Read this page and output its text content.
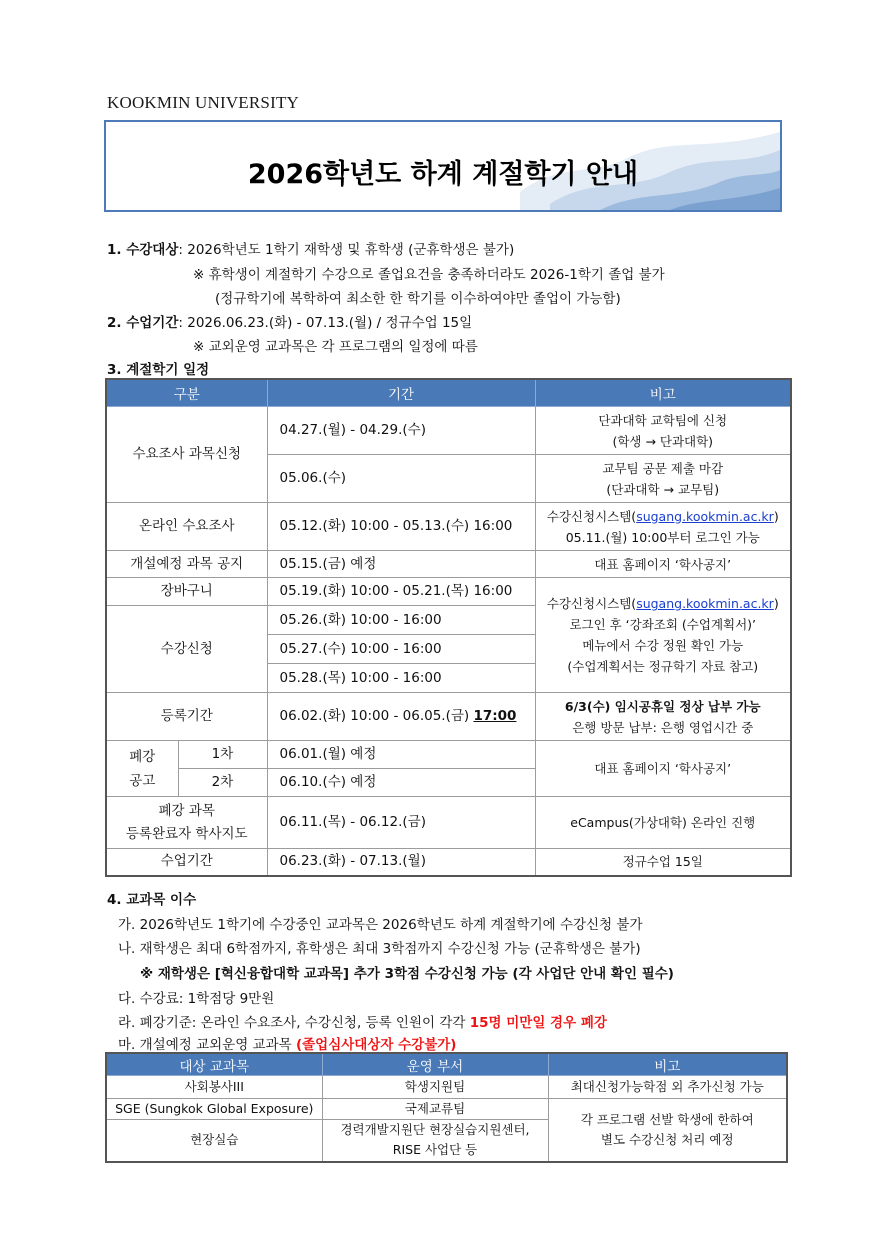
KOOKMIN UNIVERSITY
2026학년도 하계 계절학기 안내
1. 수강대상: 2026학년도 1학기 재학생 및 휴학생 (군휴학생은 불가)
※ 휴학생이 계절학기 수강으로 졸업요건을 충족하더라도 2026-1학기 졸업 불가
(정규학기에 복학하여 최소한 한 학기를 이수하여야만 졸업이 가능함)
2. 수업기간: 2026.06.23.(화) - 07.13.(월) / 정규수업 15일
※ 교외운영 교과목은 각 프로그램의 일정에 따름
3. 계절학기 일정
구분		기간	비고
수요조사 과목신청		04.27.(월) - 04.29.(수)	단과대학 교학팀에 신청
(학생 → 단과대학)
		05.06.(수)	교무팀 공문 제출 마감
(단과대학 → 교무팀)
온라인 수요조사		05.12.(화) 10:00 - 05.13.(수) 16:00	수강신청시스템(sugang.kookmin.ac.kr)
05.11.(월) 10:00부터 로그인 가능
개설예정 과목 공지		05.15.(금) 예정	대표 홈페이지 ‘학사공지’
장바구니		05.19.(화) 10:00 - 05.21.(목) 16:00	수강신청시스템(sugang.kookmin.ac.kr)
로그인 후 ‘강좌조회 (수업계획서)’
메뉴에서 수강 정원 확인 가능
(수업계획서는 정규학기 자료 참고)
수강신청		05.26.(화) 10:00 - 16:00	
		05.27.(수) 10:00 - 16:00	
		05.28.(목) 10:00 - 16:00	
등록기간		06.02.(화) 10:00 - 06.05.(금) 17:00	6/3(수) 임시공휴일 정상 납부 가능
은행 방문 납부: 은행 영업시간 중
폐강
공고	1차	06.01.(월) 예정	대표 홈페이지 ‘학사공지’
	2차	06.10.(수) 예정	
폐강 과목
등록완료자 학사지도		06.11.(목) - 06.12.(금)	eCampus(가상대학) 온라인 진행
수업기간		06.23.(화) - 07.13.(월)	정규수업 15일
4. 교과목 이수
가. 2026학년도 1학기에 수강중인 교과목은 2026학년도 하계 계절학기에 수강신청 불가
나. 재학생은 최대 6학점까지, 휴학생은 최대 3학점까지 수강신청 가능 (군휴학생은 불가)
※ 재학생은 [혁신융합대학 교과목] 추가 3학점 수강신청 가능 (각 사업단 안내 확인 필수)
다. 수강료: 1학점당 9만원
라. 폐강기준: 온라인 수요조사, 수강신청, 등록 인원이 각각 15명 미만일 경우 폐강
마. 개설예정 교외운영 교과목 (졸업심사대상자 수강불가)
대상 교과목	운영 부서	비고
사회봉사III	학생지원팀	최대신청가능학점 외 추가신청 가능
SGE (Sungkok Global Exposure)	국제교류팀	각 프로그램 선발 학생에 한하여
별도 수강신청 처리 예정
현장실습	경력개발지원단 현장실습지원센터,
RISE 사업단 등	
